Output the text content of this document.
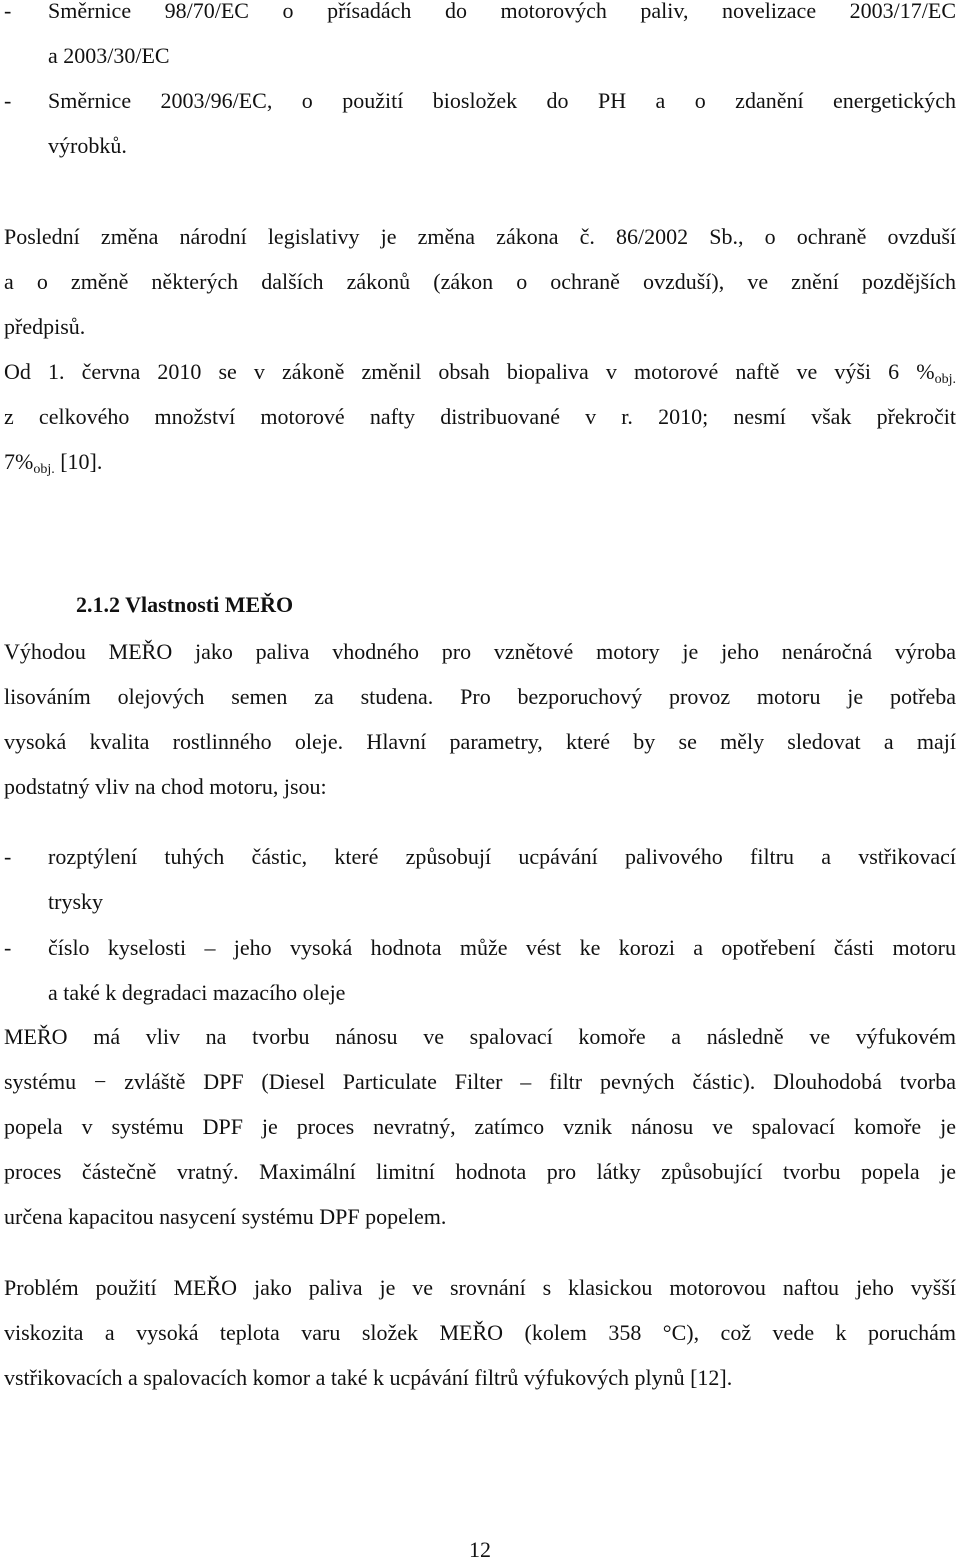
- Směrnice 98/70/EC o přísadách do motorových paliv, novelizace 2003/17/EC
a 2003/30/EC
- Směrnice 2003/96/EC, o použití biosložek do PH a o zdanění energetických
výrobků.
Poslední změna národní legislativy je změna zákona č. 86/2002 Sb., o ochraně ovzduší
a o změně některých dalších zákonů (zákon o ochraně ovzduší), ve znění pozdějších
předpisů.
Od 1. června 2010 se v zákoně změnil obsah biopaliva v motorové naftě ve výši 6 $\%_{obj.}$
z celkového množství motorové nafty distribuované v r. 2010; nesmí však překročit
$7\%_{obj.}$ [10].
2.1.2 Vlastnosti MEŘO
Výhodou MEŘO jako paliva vhodného pro vznětové motory je jeho nenáročná výroba
lisováním olejových semen za studena. Pro bezporuchový provoz motoru je potřeba
vysoká kvalita rostlinného oleje. Hlavní parametry, které by se měly sledovat a mají
podstatný vliv na chod motoru, jsou:
- rozptýlení tuhých částic, které způsobují ucpávání palivového filtru a vstřikovací
trysky
- číslo kyselosti – jeho vysoká hodnota může vést ke korozi a opotřebení části motoru
a také k degradaci mazacího oleje
MEŘO má vliv na tvorbu nánosu ve spalovací komoře a následně ve výfukovém
systému − zvláště DPF (Diesel Particulate Filter – filtr pevných částic). Dlouhodobá tvorba
popela v systému DPF je proces nevratný, zatímco vznik nánosu ve spalovací komoře je
proces částečně vratný. Maximální limitní hodnota pro látky způsobující tvorbu popela je
určena kapacitou nasycení systému DPF popelem.
Problém použití MEŘO jako paliva je ve srovnání s klasickou motorovou naftou jeho vyšší
viskozita a vysoká teplota varu složek MEŘO (kolem 358 °C), což vede k poruchám
vstřikovacích a spalovacích komor a také k ucpávání filtrů výfukových plynů [12].
12
